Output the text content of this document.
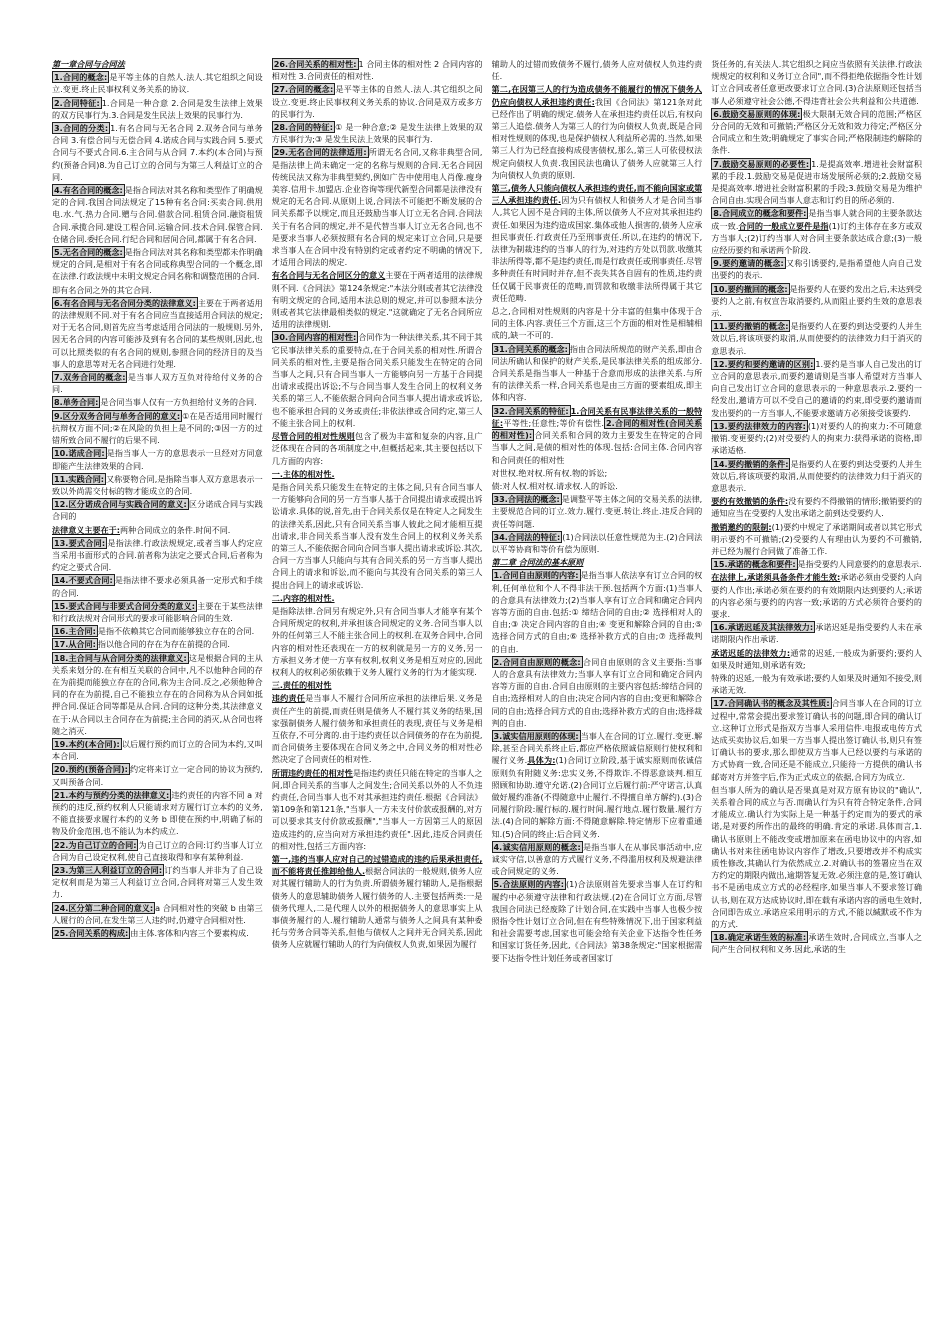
第一章合同与合同法

1.合同的概念: 是平等主体的自然人.法人.其它组织之间设立.变更.终止民事权利义务关系的协议.

2.合同特征: 1.合同是一种合意 2.合同是发生法律上效果的双方民事行为.3.合同是发生民法上效果的民事行为.

3.合同的分类: 1.有名合同与无名合同 2.双务合同与单务合同 3.有偿合同与无偿合同 4.诺成合同与实践合同 5.要式合同与不要式合同.6.主合同与从合同 7.本约(本合同)与预约(预备合同)8.为自己订立的合同与为第三人利益订立的合同.

4.有名合同的概念: 是指合同法对其名称和类型作了明确规定的合同.我国合同法规定了15种有名合同:买卖合同.供用电.水.气.热力合同.赠与合同.借款合同.租赁合同.融资租赁合同.承揽合同.建设工程合同.运输合同.技术合同.保管合同.仓储合同.委托合同.行纪合同和居间合同,都属于有名合同.

5.无名合同的概念: 是指合同法对其名称和类型都未作明确规定的合同,是相对于有名合同或称典型合同的一个概念,即在法律.行政法规中未明文规定合同名称和调整范围的合同.

即有名合同之外的其它合同.

6.有名合同与无名合同分类的法律意义: 主要在于两者适用的法律规则不同.对于有名合同应当直接适用合同法的规定;对于无名合同,则首先应当考虑适用合同法的一般规则.另外,因无名合同的内容可能涉及到有名合同的某些规则,因此,也可以比照类似的有名合同的规则,参照合同的经济目的及当事人的意思等对无名合同进行处理.

7.双务合同的概念: 是当事人双方互负对待给付义务的合同.

8.单务合同: 是合同当事人仅有一方负担给付义务的合同.

9.区分双务合同与单务合同的意义: ①在是否适用同时履行抗辩权方面不同;②在风险的负担上是不同的;③因一方的过错所致合同不履行的后果不同.

10.诺成合同: 是指当事人一方的意思表示一旦经对方同意即能产生法律效果的合同.

11.实践合同: 又称要物合同,是指除当事人双方意思表示一致以外尚需交付标的物才能成立的合同.

12.区分诺成合同与实践合同的意义: 区分诺成合同与实践合同的

法律意义主要在于:两种合同成立的条件.时间不同.

13.要式合同: 是指法律.行政法规规定,或者当事人约定应当采用书面形式的合同.前者称为法定之要式合同,后者称为约定之要式合同.

14.不要式合同: 是指法律不要求必须具备一定形式和手续的合同.

15.要式合同与非要式合同分类的意义: 主要在于某些法律和行政法规对合同形式的要求可能影响合同的生效.

16.主合同: 是指不依赖其它合同而能够独立存在的合同.

17.从合同: 指以他合同的存在为存在前提的合同.

18.主合同与从合同分类的法律意义: 这是根据合同的主从关系来划分的.在有相互关联的合同中,凡不以他种合同的存在为前提而能独立存在的合同,称为主合同.反之,必须他种合同的存在为前提,自己不能独立存在的合同称为从合同如抵押合同.保证合同等都是从合同.合同的这种分类,其法律意义在于:从合同以主合同存在为前提;主合同的消灭,从合同也将随之消灭.

19.本约(本合同): 以后履行预约而订立的合同为本约,又叫本合同.

20.预约(预备合同): 约定将来订立一定合同的协议为预约,又叫预备合同.

21.本约与预约分类的法律意义: 违约责任的内容不同 a 对预约的违反,预约权利人只能请求对方履行订立本约的义务,不能直接要求履行本约的义务 b 即使在预约中,明确了标的物及价金范围,也不能认为本约成立.

22.为自己订立的合同: 为自己订立的合同:订约当事人订立合同为自己设定权利,使自己直接取得和享有某种利益.

23.为第三人利益订立的合同: 订约当事人并非为了自己设定权利而是为第三人利益订立合同,合同将对第三人发生效力.

24.区分第二种合同的意义: a 合同相对性的突破 b 由第三人履行的合同,在发生第三人违约时,仍遵守合同相对性.

25.合同关系的构成: 由主体.客体和内容三个要素构成.

26.合同关系的相对性: 1 合同主体的相对性 2 合同内容的相对性 3.合同责任的相对性.

27.合同的概念: 是平等主体的自然人.法人.其它组织之间设立.变更.终止民事权利义务关系的协议.合同是双方或多方的民事行为.

28.合同的特征: ① 是一种合意;② 是发生法律上效果的双方民事行为;③ 是发生民法上效果的民事行为.

29.无名合同的法律适用: 所谓无名合同,又称非典型合同,是指法律上尚未确定一定的名称与规则的合同.无名合同因传统民法又称为非典型契约,例如广告中使用电人肖像.瘦身美容.信用卡.加盟店.企业咨询等现代新型合同都是法律没有规定的无名合同.从原则上说,合同法不可能把不断发展的合同关系都予以规定,而且还鼓励当事人订立无名合同.合同法关于有名合同的规定,并不是代替当事人订立无名合同,也不是要求当事人必须按照有名合同的规定来订立合同,只是要求当事人在合同中没有特别约定或者约定不明确的情况下,才适用合同法的规定.

有名合同与无名合同区分的意义主要在于两者适用的法律规则不同.《合同法》第124条规定:"本法分则或者其它法律没有明文规定的合同,适用本法总则的规定,并可以参照本法分则或者其它法律最相类似的规定."这就确定了无名合同所应适用的法律规则.

30.合同内容的相对性: 合同作为一种法律关系,其不同于其它民事法律关系的重要特点,在于合同关系的相对性.所谓合同关系的相对性,主要是指合同关系只能发生在特定的合同当事人之间,只有合同当事人一方能够向另一方基于合同提出请求或提出诉讼;不与合同当事人发生合同上的权利义务关系的第三人,不能依据合同向合同当事人提出请求或诉讼,也不能承担合同的义务或责任;非依法律或合同约定,第三人不能主张合同上的权利.

尽管合同的相对性规则包含了极为丰富和复杂的内容,且广泛体现在合同的各项制度之中,但概括起来,其主要包括以下几方面的内容:

一.主体的相对性.

是指合同关系只能发生在特定的主体之间,只有合同当事人一方能够向合同的另一方当事人基于合同提出请求或提出诉讼请求.具体的说,首先,由于合同关系仅是在特定人之间发生的法律关系,因此,只有合同关系当事人彼此之间才能相互提出请求,非合同关系当事人没有发生合同上的权利义务关系的第三人,不能依据合同向合同当事人提出请求或诉讼.其次,合同一方当事人只能向与其有合同关系的另一方当事人提出合同上的请求和诉讼,而不能向与其没有合同关系的第三人提出合同上的请求或诉讼.

二.内容的相对性.

是指除法律.合同另有规定外,只有合同当事人才能享有某个合同所规定的权利,并承担该合同规定的义务.合同当事人以外的任何第三人不能主张合同上的权利.在双务合同中,合同内容的相对性还表现在一方的权利就是另一方的义务,另一方承担义务才使一方享有权利,权利义务是相互对应的,因此权利人的权利必须依赖于义务人履行义务的行为才能实现.

三.责任的相对性

违约责任是当事人不履行合同所应承担的法律后果.义务是责任产生的前提,而责任则是债务人不履行其义务的结果,国家强制债务人履行债务和承担责任的表现,责任与义务是相互依存,不可分离的.由于违约责任以合同债务的存在为前提,而合同债务主要体现在合同义务之中,合同义务的相对性必然决定了合同责任的相对性.

所谓违约责任的相对性是指违约责任只能在特定的当事人之间,即合同关系的当事人之间发生;合同关系以外的人不负违约责任,合同当事人也不对其承担违约责任.根据《合同法》第109条和第121条,"当事人一方未支付价款或报酬的,对方可以要求其支付价款或报酬","当事人一方因第三人的原因造成违约的,应当向对方承担违约责任".因此,违反合同责任的相对性,包括三方面内容:

第一,违约当事人应对自己的过错造成的违约后果承担责任,而不能将责任推卸给他人.根据合同法的一般规则,债务人应对其履行辅助人的行为负责.所谓债务履行辅助人,是指根据债务人的意思辅助债务人履行债务的人.主要包括两类:一是债务代理人,二是代理人以外的根据债务人的意思事实上从事债务履行的人.履行辅助人通常与债务人之间具有某种委托与劳务合同等关系,但他与债权人之间并无合同关系,因此债务人应就履行辅助人的行为向债权人负责,如果因为履行

辅助人的过错而致债务不履行,债务人应对债权人负违约责任.

第二,在因第三人的行为造成债务不能履行的情况下债务人仍应向债权人承担违约责任:我国《合同法》第121条对此已经作出了明确的规定.债务人在承担违约责任以后,有权向第三人追偿.债务人为第三人的行为向债权人负责,既是合同相对性规则的体现,也是保护债权人利益所必需的.当然,如果第三人行为已经直接构成侵害债权,那么,第三人可依侵权法规定向债权人负责.我国民法也确认了债务人应就第三人行为向债权人负责的原则.

第三,债务人只能向债权人承担违约责任,而不能向国家或第三人承担违约责任.因为只有债权人和债务人才是合同当事人,其它人因不是合同的主体,所以债务人不应对其承担违约责任.如果因为违约造成国家.集体或他人损害的,债务人应承担民事责任.行政责任乃至刑事责任.所以,在违约的情况下,法律为制裁违约的当事人的行为,对违约方处以罚款.收缴其非法所得等,都不是违约责任,而是行政责任或刑事责任.尽管多种责任有时同时并存,但不丧失其各自固有的性质,违约责任仅属于民事责任的范畴,而罚款和收缴非法所得属于其它责任范畴.

总之,合同相对性规则的内容是十分丰富的但集中体现于合同的主体.内容.责任三个方面,这三个方面的相对性是相辅相成的,缺一不可的.

31.合同关系的概念: 指由合同法所规范的财产关系,即由合同法所确认和保护的财产关系,是民事法律关系的组成部分.合同关系是指当事人一种基于合意而形成的法律关系.与所有的法律关系一样,合同关系也是由三方面的要素组成,即主体和内容.

32.合同关系的特征: 1.合同关系有民事法律关系的一般特征:平等性;任意性;等价有偿性. 2.合同的相对性(合同关系的相对性): 合同关系和合同的效力主要发生在特定的合同当事人之间,是债的相对性的体现.包括:合同主体.合同内容和合同责任的相对性

对世权.绝对权.所有权.物的诉讼;

债:对人权.相对权.请求权.人的诉讼.

33.合同法的概念: 是调整平等主体之间的交易关系的法律,主要规范合同的订立.效力.履行.变更.转让.终止.违反合同的责任等问题.

34.合同法的特征: (1)合同法以任意性规范为主.(2)合同法以平等协商和等价有偿为原则.

第二章 合同法的基本原则

1.合同自由原则的内容: 是指当事人依法享有订立合同的权利,任何单位和个人不得非法干预.包括两个方面:(1)当事人的合意具有法律效力;(2)当事人享有订立合同和确定合同内容等方面的自由.包括:① 缔结合同的自由;② 选择相对人的自由;③ 决定合同内容的自由;④ 变更和解除合同的自由;⑤ 选择合同方式的自由;⑥ 选择补救方式的自由;⑦ 选择裁判的自由.

2.合同自由原则的概念: 合同自由原则的含义主要指:当事人的合意具有法律效力;当事人享有订立合同和确定合同内容等方面的自由.合同自由原则的主要内容包括:缔结合同的自由;选择相对人的自由;决定合同内容的自由;变更和解除合同的自由;选择合同方式的自由;选择补救方式的自由;选择裁判的自由.

3.诚实信用原则的体现: 当事人在合同的订立.履行.变更.解除,甚至合同关系终止后,都应严格依照诚信原则行使权利和履行义务.具体为:(1)合同订立阶段,基于诚实原则而依诚信原则负有附随义务:忠实义务,不得欺诈.不得恶意谈判.相互照顾和协助.遵守允诺.(2)合同订立后履行前:严守诺言,认真做好履约准备(不得随意中止履行.不得擅自单方解约).(3)合同履行阶段:履行标的.履行时间.履行地点.履行数量.履行方法.(4)合同的解除方面:不得随意解除.特定情形下应着重通知.(5)合同的终止:后合同义务.

4.诚实信用原则的概念: 是指当事人在从事民事活动中,应诚实守信,以善意的方式履行义务,不得滥用权利及规避法律或合同规定的义务.

5.合法原则的内容: (1)合法原则首先要求当事人在订约和履约中必须遵守法律和行政法规.(2)在合同订立方面,尽管我国合同法已经废除了计划合同,在实践中当事人也极少按照指令性计划订立合同,但在有些特殊情况下,出于国家利益和社会需要考虑,国家也可能会给有关企业下达指令性任务和国家订货任务,因此,《合同法》第38条规定:"国家根据需要下达指令性计划任务或者国家订

货任务的,有关法人.其它组织之间应当依照有关法律.行政法规规定的权利和义务订立合同",而不得拒绝依据指令性计划订立合同或者任意更改要求订立合同.(3)合法原则还包括当事人必须遵守社会公德,不得违背社会公共利益和公共道德.

6.鼓励交易原则的体现: 极大限制无效合同的范围;严格区分合同的无效和可撤销;严格区分无效和效力待定;严格区分合同成立和生效;明确规定了事实合同;严格限制违约解除的条件.

7.鼓励交易原则的必要性: 1.是提高效率.增进社会财富积累的手段.1.鼓励交易是促进市场发展所必须的;2.鼓励交易是提高效率.增进社会财富积累的手段;3.鼓励交易是为维护合同自由.实现合同当事人意志和订约目的所必须的.

8.合同成立的概念和要件: 是指当事人就合同的主要条款达成一致.合同的一般成立要件是指(1)订约主体存在多方或双方当事人;(2)订约当事人对合同主要条款达成合意;(3)一般应经历要约和承诺两个阶段.

9.要约邀请的概念: 又称引诱要约,是指希望他人向自己发出要约的表示.

10.要约撤回的概念: 是指要约人在要约发出之后,未达到受要约人之前,有权宣告取消要约,从而阻止要约生效的意思表示.

11.要约撤销的概念: 是指要约人在要约到达受要约人并生效以后,将该项要约取消,从而使要约的法律效力归于消灭的意思表示.

12.要约和要约邀请的区别: 1.要约是当事人自己发出的订立合同的意思表示,而要约邀请则是当事人希望对方当事人向自己发出订立合同的意思表示的一种意思表示.2.要约一经发出,邀请方可以不受自己的邀请的约束,即受要约邀请而发出要约的一方当事人,不能要求邀请方必须接受该要约.

13.要约法律效力的内容: (1)对要约人的拘束力:不可随意撤销.变更要约;(2)对受要约人的拘束力:获得承诺的资格,即承诺适格.

14.要约撤销的条件: 是指要约人在要约到达受要约人并生效以后,将该项要约取消,从而使要约的法律效力归于消灭的意思表示.

要约有效撤销的条件:没有要约不得撤销的情形;撤销要约的通知应当在受要约人发出承诺之前到达受要约人.

撤销邀约的限制:(1)要约中规定了承诺期间或者以其它形式明示要约不可撤销;(2)受要约人有理由认为要约不可撤销,并已经为履行合同做了准备工作.

15.承诺的概念和要件: 是指受要约人同意要约的意思表示.

在法律上,承诺须具备条件才能生效:承诺必须由受要约人向要约人作出;承诺必须在要约的有效期限内达到要约人;承诺的内容必须与要约的内容一致;承诺的方式必须符合要约的要求.

16.承诺迟延及其法律效力: 承诺迟延是指受要约人未在承诺期限内作出承诺.

承诺迟延的法律效力:通常的迟延,一般成为新要约;要约人如果及时通知,则承诺有效;

特殊的迟延,一般为有效承诺;要约人如果及时通知不接受,则承诺无效.

17.合同确认书的概念及其性质: 合同当事人在合同的订立过程中,常常会提出要求签订确认书的问题,即合同的确认订立.这种订立形式是指双方当事人采用信件.电报或电传方式达成买卖协议后,如果一方当事人提出签订确认书,则只有签订确认书的要求,那么即使双方当事人已经以要约与承诺的方式协商一致,合同还是不能成立,只能待一方提供的确认书邮寄对方并签字后,作为正式成立的依据,合同方为成立.

但当事人所为的确认是否果真是对双方原有协议的"确认",关系着合同的成立与否.而确认行为只有符合特定条件,合同才能成立.确认行为实际上是一种基于约定而为的要式的承诺,是对要约所作出的最终的明确.肯定的承诺.具体而言,1.确认书原则上不能改变或增加原来在函电协议中的内容,如确认书对来往函电协议内容作了增改,只要增改并不构成实质性修改,其确认行为依然成立.2.对确认书的签署应当在双方约定的期限内做出,逾期答复无效.必须注意的是,签订确认书不是函电成立方式的必经程序,如果当事人不要求签订确认书,则在双方达成协议时,即在载有承诺内容的函电生效时,合同即告成立.承诺应采用明示的方式,不能以缄默或不作为的方式.

18.确定承诺生效的标准: 承诺生效时,合同成立,当事人之间产生合同权利和义务.因此,承诺的生
